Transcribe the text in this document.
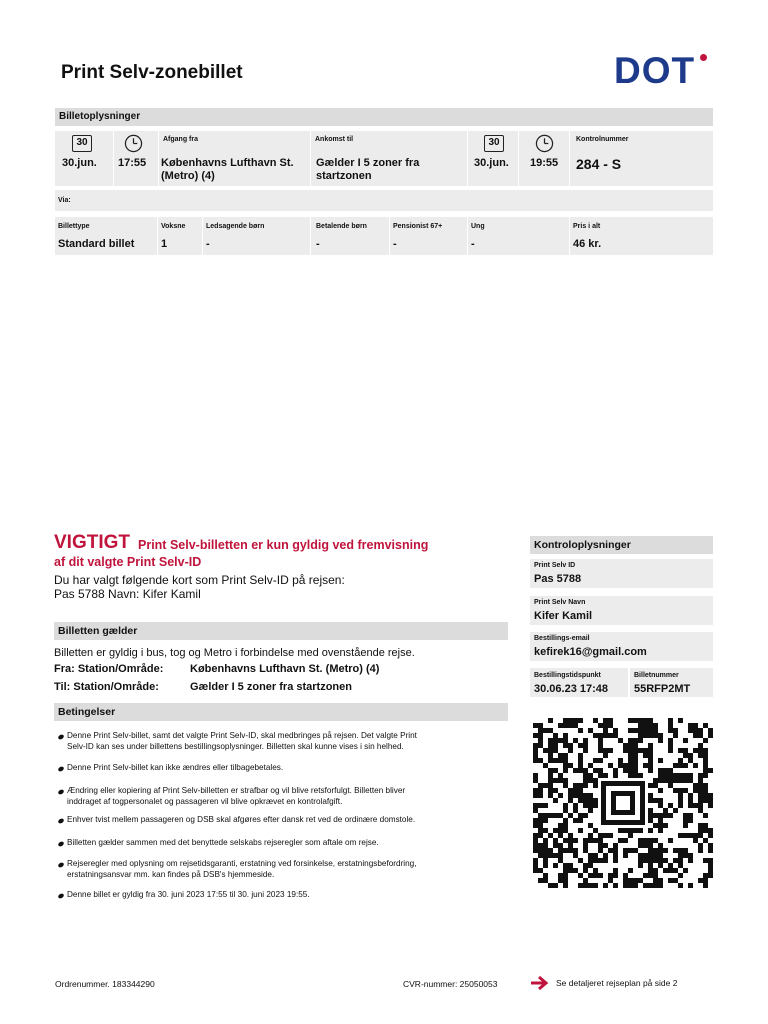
Print Selv-zonebillet	DOT
Billetoplysninger
30
30.jun. 17:55
Afgang fra
Københavns Lufthavn St. (Metro) (4)
Ankomst til
Gælder I 5 zoner fra startzonen
30
30.jun. 19:55
Kontrolnummer
284 - S
Via:
Billettype	Voksne	Ledsagende børn	Betalende børn	Pensionist 67+	Ung	Pris i alt
Standard billet 1	-	-	-	-	46 kr.
VIGTIGT Print Selv-billetten er kun gyldig ved fremvisning
af dit valgte Print Selv-ID
Du har valgt følgende kort som Print Selv-ID på rejsen:
Pas 5788 Navn: Kifer Kamil
Billetten gælder
Billetten er gyldig i bus, tog og Metro i forbindelse med ovenstående rejse.
Fra: Station/Område: Københavns Lufthavn St. (Metro) (4)
Til: Station/Område:	Gælder I 5 zoner fra startzonen
Betingelser
Denne Print Selv-billet, samt det valgte Print Selv-ID, skal medbringes på rejsen. Det valgte Print
Selv-ID kan ses under billettens bestillingsoplysninger. Billetten skal kunne vises i sin helhed.
Denne Print Selv-billet kan ikke ændres eller tilbagebetales.
Ændring eller kopiering af Print Selv-billetten er strafbar og vil blive retsforfulgt. Billetten bliver
inddraget af togpersonalet og passageren vil blive opkrævet en kontrolafgift.
Enhver tvist mellem passageren og DSB skal afgøres efter dansk ret ved de ordinære domstole.
Billetten gælder sammen med det benyttede selskabs rejseregler som aftale om rejse.
Rejseregler med oplysning om rejsetidsgaranti, erstatning ved forsinkelse, erstatningsbefordring,
erstatningsansvar mm. kan findes på DSB's hjemmeside.
Denne billet er gyldig fra 30. juni 2023 17:55 til 30. juni 2023 19:55.
Kontroloplysninger
Print Selv ID
Pas 5788
Print Selv Navn
Kifer Kamil
Bestillings-email
kefirek16@gmail.com
Bestillingstidspunkt
30.06.23 17:48
Billetnummer
55RFP2MT
Ordrenummer. 183344290	CVR-nummer: 25050053	Se detaljeret rejseplan på side 2
